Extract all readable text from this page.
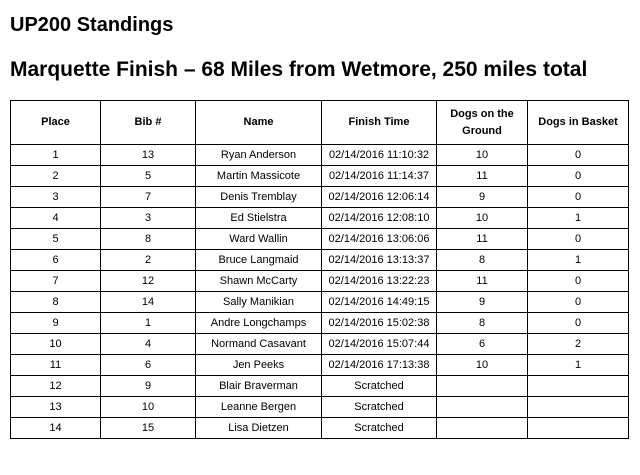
UP200 Standings
Marquette Finish – 68 Miles from Wetmore, 250 miles total
Place	Bib #	Name	Finish Time	Dogs on the Ground	Dogs in Basket
1	13	Ryan Anderson	02/14/2016 11:10:32	10	0
2	5	Martin Massicote	02/14/2016 11:14:37	11	0
3	7	Denis Tremblay	02/14/2016 12:06:14	9	0
4	3	Ed Stielstra	02/14/2016 12:08:10	10	1
5	8	Ward Wallin	02/14/2016 13:06:06	11	0
6	2	Bruce Langmaid	02/14/2016 13:13:37	8	1
7	12	Shawn McCarty	02/14/2016 13:22:23	11	0
8	14	Sally Manikian	02/14/2016 14:49:15	9	0
9	1	Andre Longchamps	02/14/2016 15:02:38	8	0
10	4	Normand Casavant	02/14/2016 15:07:44	6	2
11	6	Jen Peeks	02/14/2016 17:13:38	10	1
12	9	Blair Braverman	Scratched		
13	10	Leanne Bergen	Scratched		
14	15	Lisa Dietzen	Scratched		
